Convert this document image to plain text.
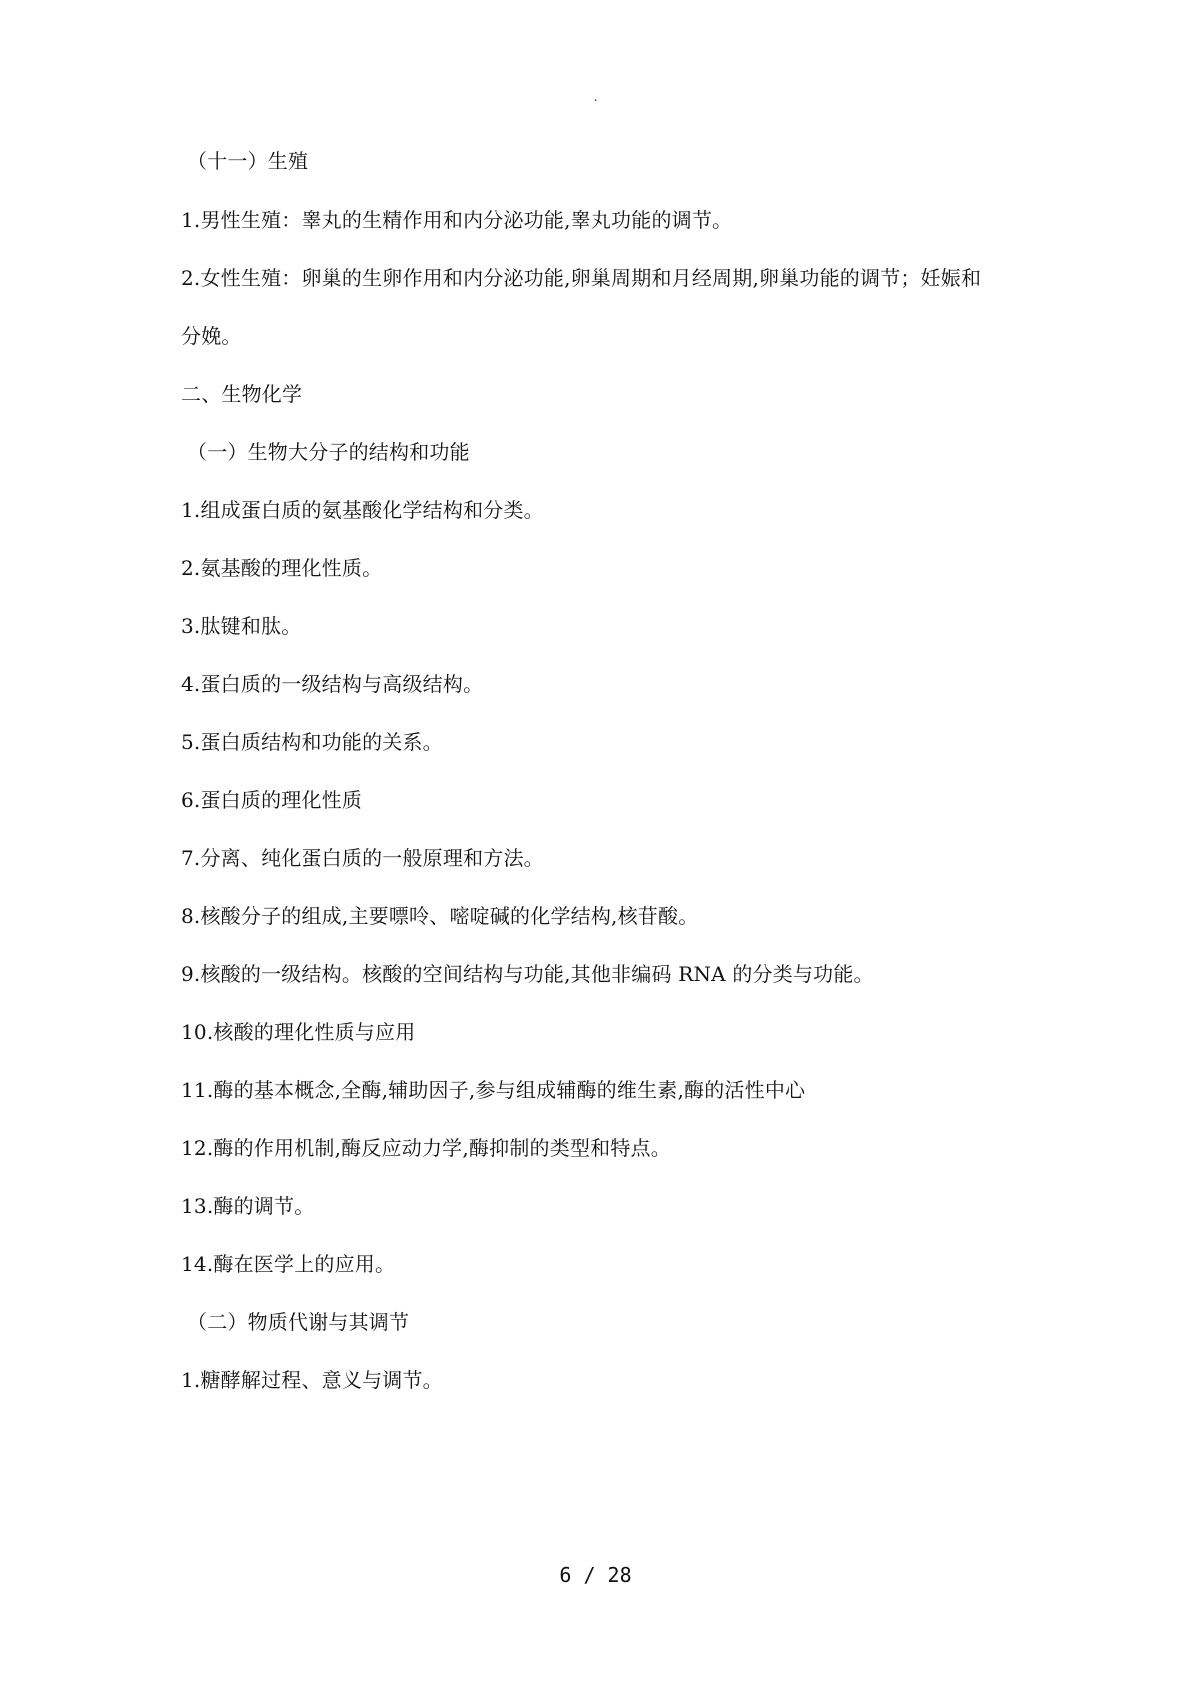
.
（十一）生殖
1.男性生殖：睾丸的生精作用和内分泌功能,睾丸功能的调节。
2.女性生殖：卵巢的生卵作用和内分泌功能,卵巢周期和月经周期,卵巢功能的调节；妊娠和
分娩。
二、生物化学
（一）生物大分子的结构和功能
1.组成蛋白质的氨基酸化学结构和分类。
2.氨基酸的理化性质。
3.肽键和肽。
4.蛋白质的一级结构与高级结构。
5.蛋白质结构和功能的关系。
6.蛋白质的理化性质
7.分离、纯化蛋白质的一般原理和方法。
8.核酸分子的组成,主要嘌呤、嘧啶碱的化学结构,核苷酸。
9.核酸的一级结构。核酸的空间结构与功能,其他非编码 RNA 的分类与功能。
10.核酸的理化性质与应用
11.酶的基本概念,全酶,辅助因子,参与组成辅酶的维生素,酶的活性中心
12.酶的作用机制,酶反应动力学,酶抑制的类型和特点。
13.酶的调节。
14.酶在医学上的应用。
（二）物质代谢与其调节
1.糖酵解过程、意义与调节。
6 / 28
